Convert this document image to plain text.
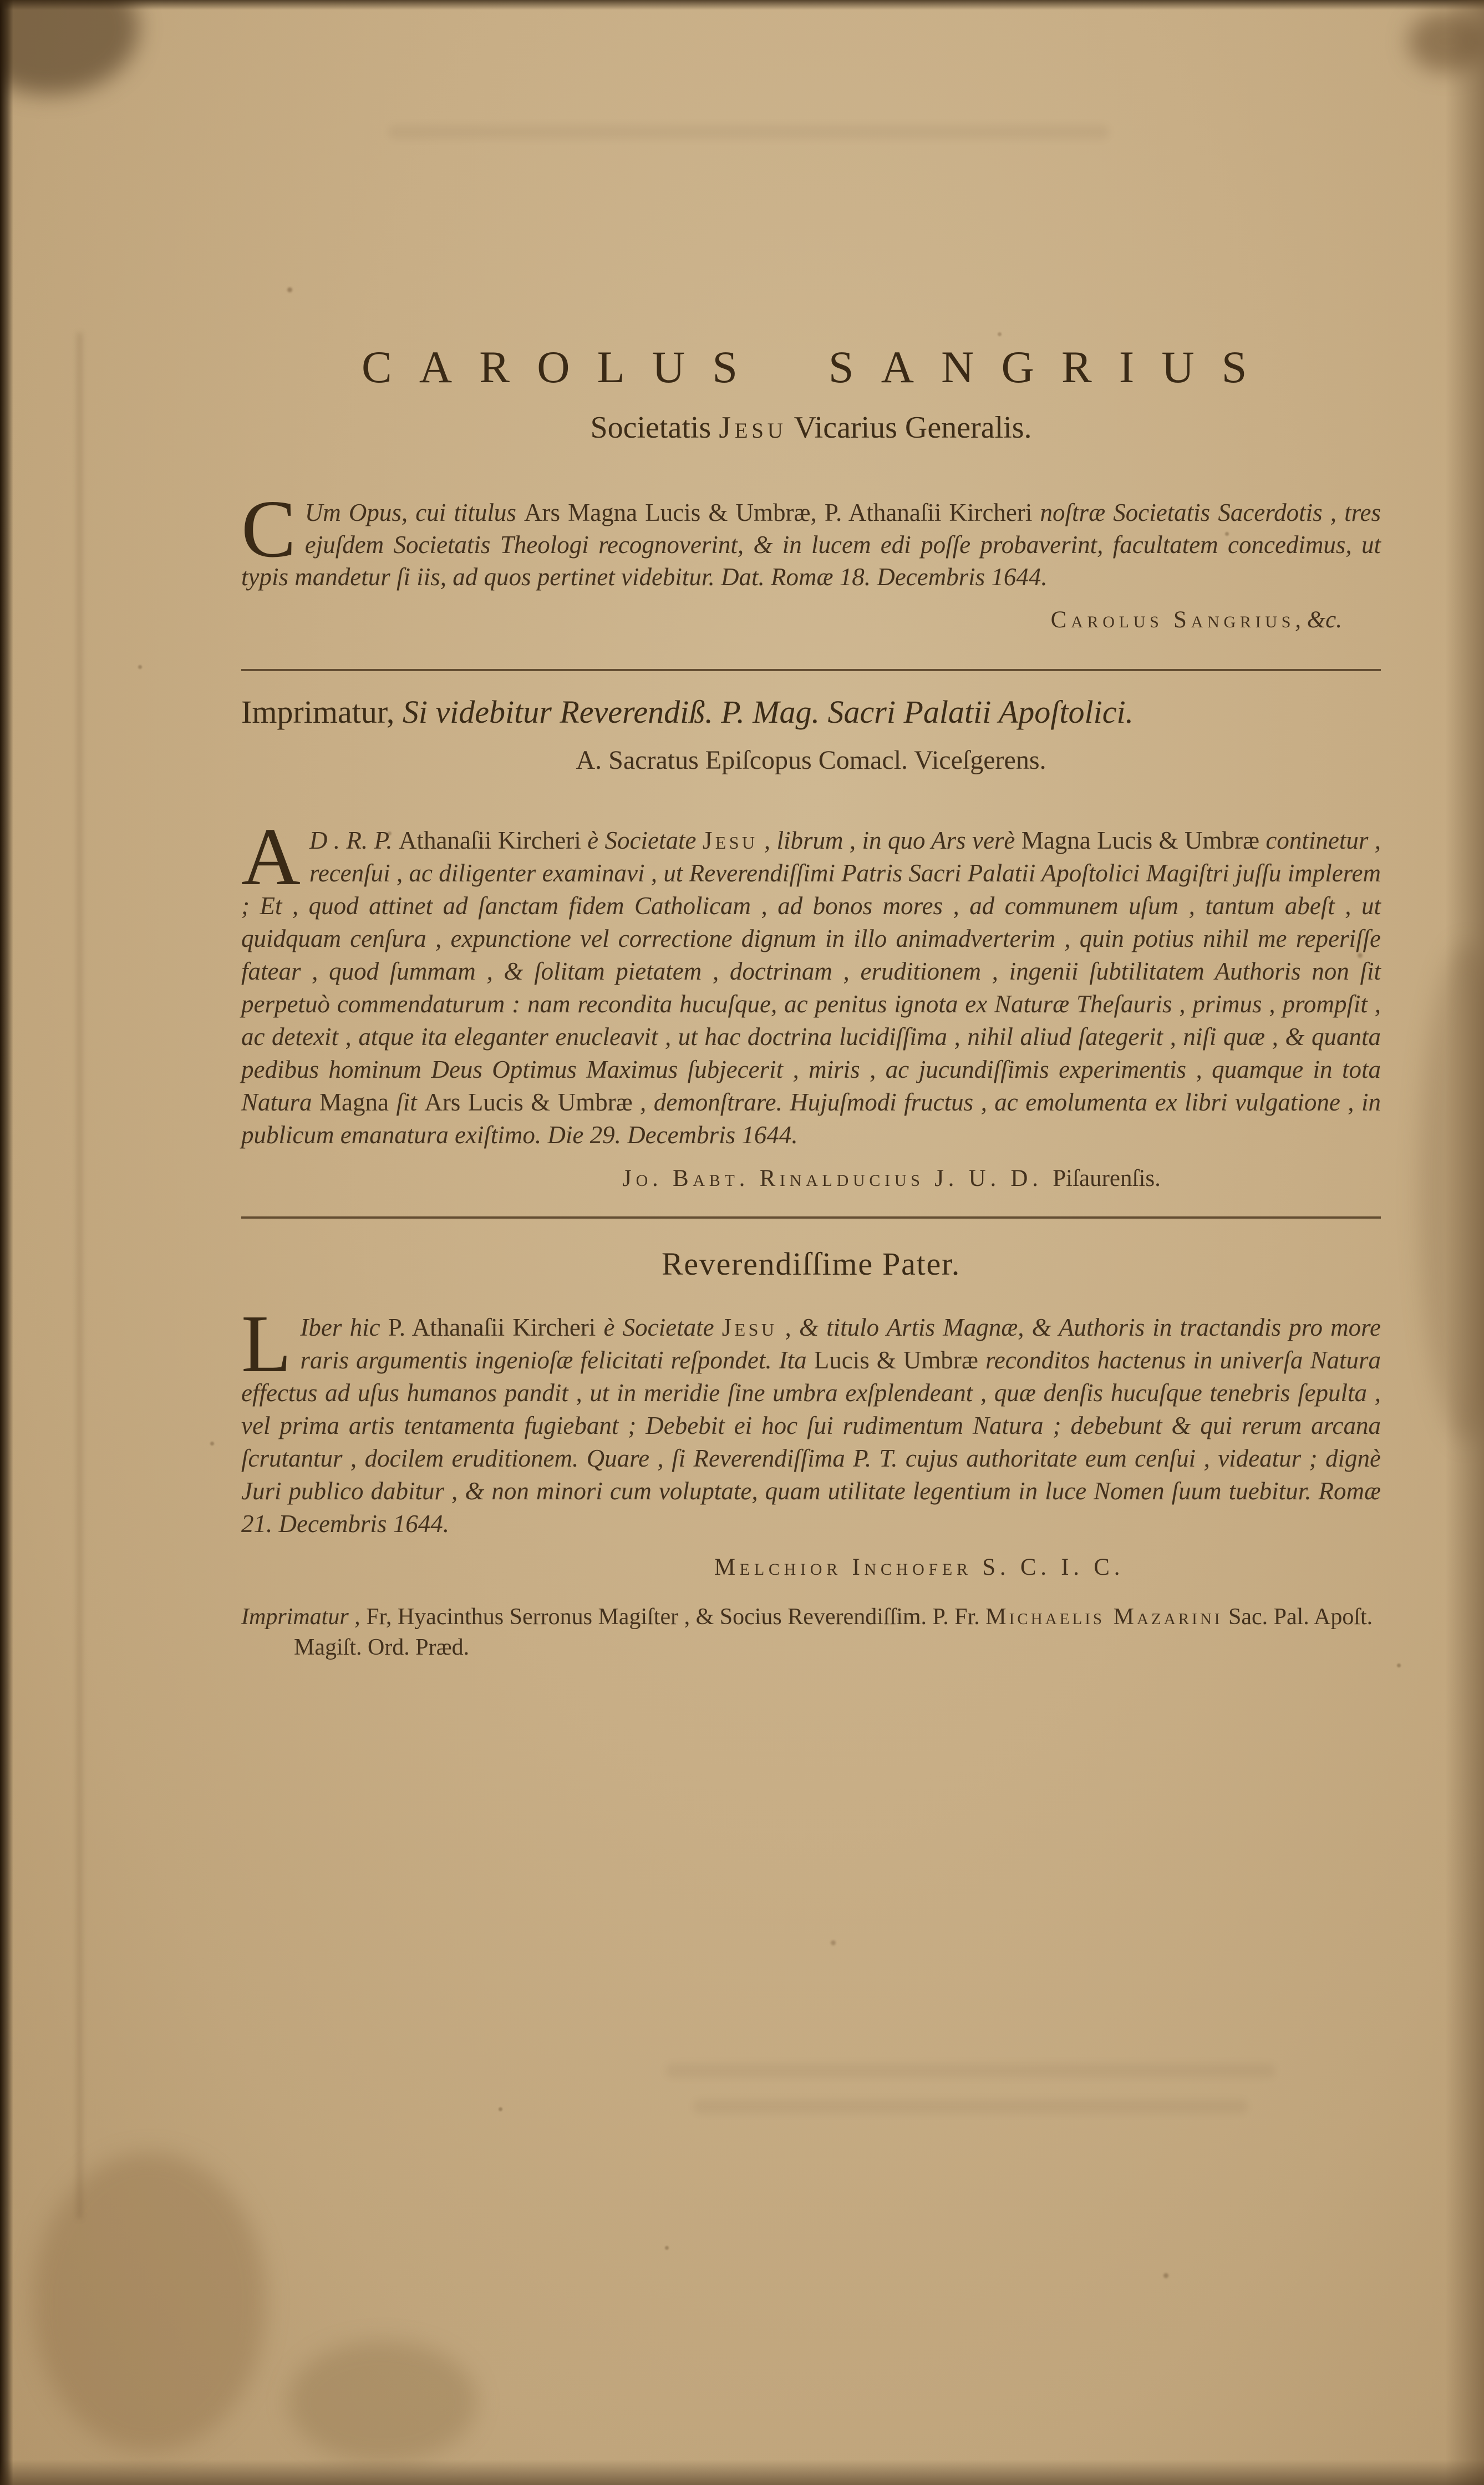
CAROLUS SANGRIUS
Societatis Jesu Vicarius Generalis.

C Um Opus, cui titulus Ars Magna Lucis & Umbræ, P. Athanaſii Kircheri noſtræ Societatis Sacerdotis , tres ejuſdem Societatis Theologi recognoverint, & in lucem edi poſſe probaverint, facultatem concedimus, ut typis mandetur ſi iis, ad quos pertinet videbitur. Dat. Romæ 18. Decembris 1644.

Carolus Sangrius, &c.
Imprimatur, Si videbitur Reverendiß. P. Mag. Sacri Palatii Apoſtolici.
A. Sacratus Epiſcopus Comacl. Viceſgerens.

A D . R. P. Athanaſii Kircheri è Societate Jesu , librum , in quo Ars verè Magna Lucis & Umbræ continetur , recenſui , ac diligenter examinavi , ut Reverendiſſimi Patris Sacri Palatii Apoſtolici Magiſtri juſſu implerem ; Et , quod attinet ad ſanctam fidem Catholicam , ad bonos mores , ad communem uſum , tantum abeſt , ut quidquam cenſura , expunctione vel correctione dignum in illo animadverterim , quin potius nihil me reperiſſe fatear , quod ſummam , & ſolitam pietatem , doctrinam , eruditionem , ingenii ſubtilitatem Authoris non ſit perpetuò commendaturum : nam recondita hucuſque, ac penitus ignota ex Naturæ Theſauris , primus , prompſit , ac detexit , atque ita eleganter enucleavit , ut hac doctrina lucidiſſima , nihil aliud ſategerit , niſi quæ , & quanta pedibus hominum Deus Optimus Maximus ſubjecerit , miris , ac jucundiſſimis experimentis , quamque in tota Natura Magna ſit Ars Lucis & Umbræ , demonſtrare. Hujuſmodi fructus , ac emolumenta ex libri vulgatione , in publicum emanatura exiſtimo. Die 29. Decembris 1644.

Jo. Babt. Rinalducius J. U. D. Piſaurenſis.
Reverendiſſime Pater.

L Iber hic P. Athanaſii Kircheri è Societate Jesu , & titulo Artis Magnæ, & Authoris in tractandis pro more raris argumentis ingenioſæ felicitati reſpondet. Ita Lucis & Umbræ reconditos hactenus in univerſa Natura effectus ad uſus humanos pandit , ut in meridie ſine umbra exſplendeant , quæ denſis hucuſque tenebris ſepulta , vel prima artis tentamenta fugiebant ; Debebit ei hoc ſui rudimentum Natura ; debebunt & qui rerum arcana ſcrutantur , docilem eruditionem. Quare , ſi Reverendiſſima P. T. cujus authoritate eum cenſui , videatur ; dignè Juri publico dabitur , & non minori cum voluptate, quam utilitate legentium in luce Nomen ſuum tuebitur. Romæ 21. Decembris 1644.

Melchior Inchofer S. C. I. C.

Imprimatur , Fr, Hyacinthus Serronus Magiſter , & Socius Reverendiſſim. P. Fr. Michaelis Mazarini Sac. Pal. Apoſt. Magiſt. Ord. Præd.
